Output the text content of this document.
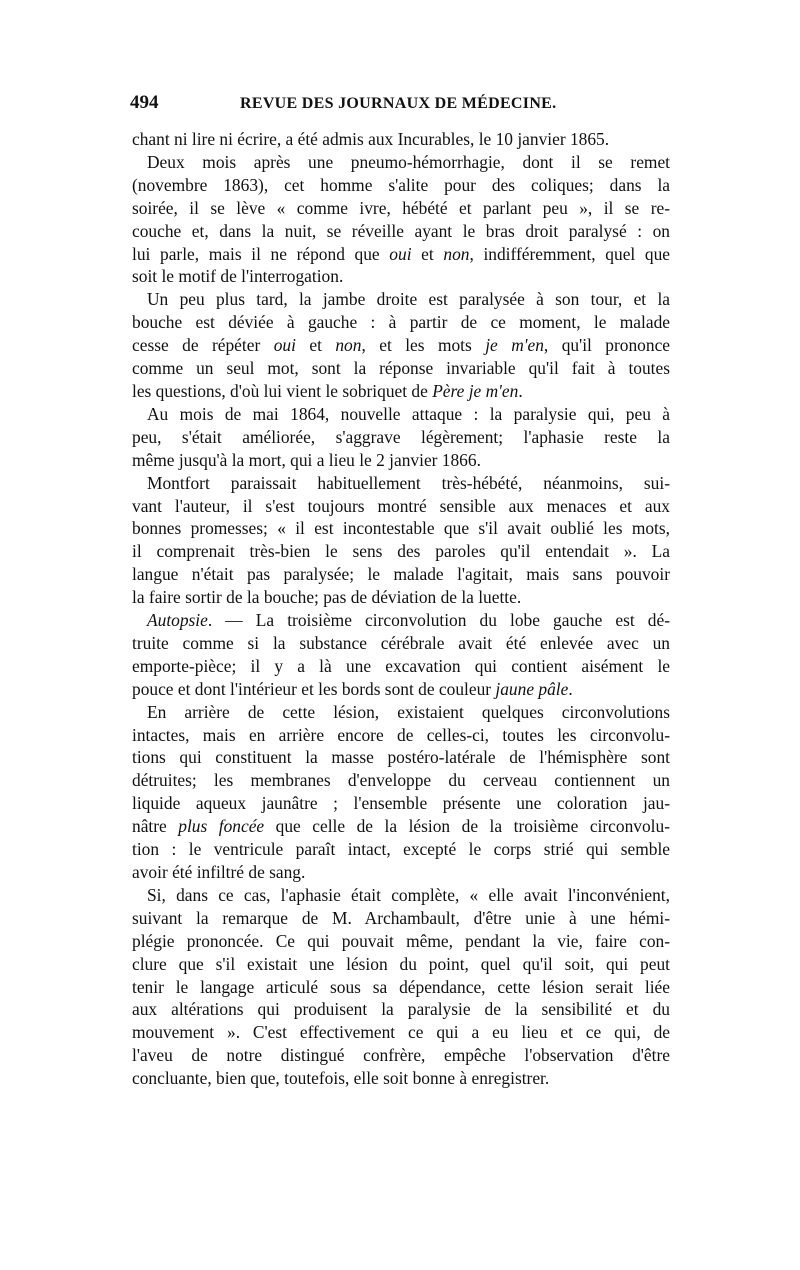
494	REVUE DES JOURNAUX DE MÉDECINE.
chant ni lire ni écrire, a été admis aux Incurables, le 10 janvier 1865.
Deux mois après une pneumo-hémorrhagie, dont il se remet
(novembre 1863), cet homme s'alite pour des coliques; dans la
soirée, il se lève « comme ivre, hébété et parlant peu », il se re-
couche et, dans la nuit, se réveille ayant le bras droit paralysé : on
lui parle, mais il ne répond que oui et non, indifféremment, quel que
soit le motif de l'interrogation.
Un peu plus tard, la jambe droite est paralysée à son tour, et la
bouche est déviée à gauche : à partir de ce moment, le malade
cesse de répéter oui et non, et les mots je m'en, qu'il prononce
comme un seul mot, sont la réponse invariable qu'il fait à toutes
les questions, d'où lui vient le sobriquet de Père je m'en.
Au mois de mai 1864, nouvelle attaque : la paralysie qui, peu à
peu, s'était améliorée, s'aggrave légèrement; l'aphasie reste la
même jusqu'à la mort, qui a lieu le 2 janvier 1866.
Montfort paraissait habituellement très-hébété, néanmoins, sui-
vant l'auteur, il s'est toujours montré sensible aux menaces et aux
bonnes promesses; « il est incontestable que s'il avait oublié les mots,
il comprenait très-bien le sens des paroles qu'il entendait ». La
langue n'était pas paralysée; le malade l'agitait, mais sans pouvoir
la faire sortir de la bouche; pas de déviation de la luette.
Autopsie. — La troisième circonvolution du lobe gauche est dé-
truite comme si la substance cérébrale avait été enlevée avec un
emporte-pièce; il y a là une excavation qui contient aisément le
pouce et dont l'intérieur et les bords sont de couleur jaune pâle.
En arrière de cette lésion, existaient quelques circonvolutions
intactes, mais en arrière encore de celles-ci, toutes les circonvolu-
tions qui constituent la masse postéro-latérale de l'hémisphère sont
détruites; les membranes d'enveloppe du cerveau contiennent un
liquide aqueux jaunâtre ; l'ensemble présente une coloration jau-
nâtre plus foncée que celle de la lésion de la troisième circonvolu-
tion : le ventricule paraît intact, excepté le corps strié qui semble
avoir été infiltré de sang.
Si, dans ce cas, l'aphasie était complète, « elle avait l'inconvénient,
suivant la remarque de M. Archambault, d'être unie à une hémi-
plégie prononcée. Ce qui pouvait même, pendant la vie, faire con-
clure que s'il existait une lésion du point, quel qu'il soit, qui peut
tenir le langage articulé sous sa dépendance, cette lésion serait liée
aux altérations qui produisent la paralysie de la sensibilité et du
mouvement ». C'est effectivement ce qui a eu lieu et ce qui, de
l'aveu de notre distingué confrère, empêche l'observation d'être
concluante, bien que, toutefois, elle soit bonne à enregistrer.
